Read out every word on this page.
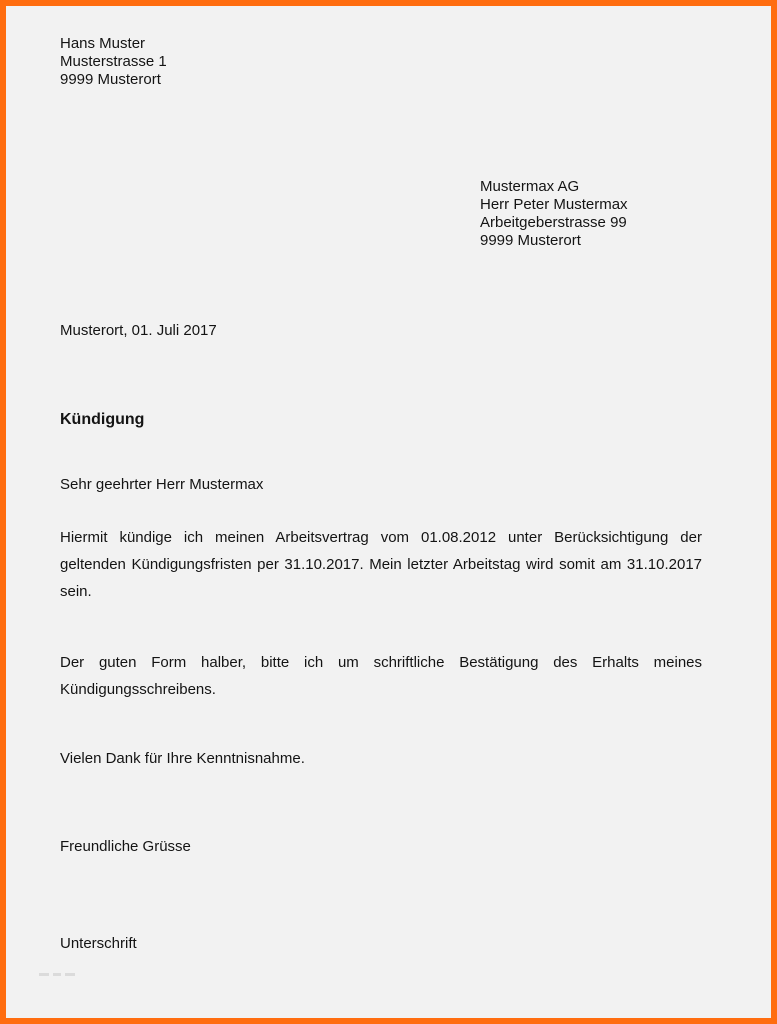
Hans Muster
Musterstrasse 1
9999 Musterort
Mustermax AG
Herr Peter Mustermax
Arbeitgeberstrasse 99
9999 Musterort
Musterort, 01. Juli 2017
Kündigung
Sehr geehrter Herr Mustermax
Hiermit kündige ich meinen Arbeitsvertrag vom 01.08.2012 unter Berücksichtigung der geltenden Kündigungsfristen per 31.10.2017. Mein letzter Arbeitstag wird somit am 31.10.2017 sein.
Der guten Form halber, bitte ich um schriftliche Bestätigung des Erhalts meines Kündigungsschreibens.
Vielen Dank für Ihre Kenntnisnahme.
Freundliche Grüsse
Unterschrift
